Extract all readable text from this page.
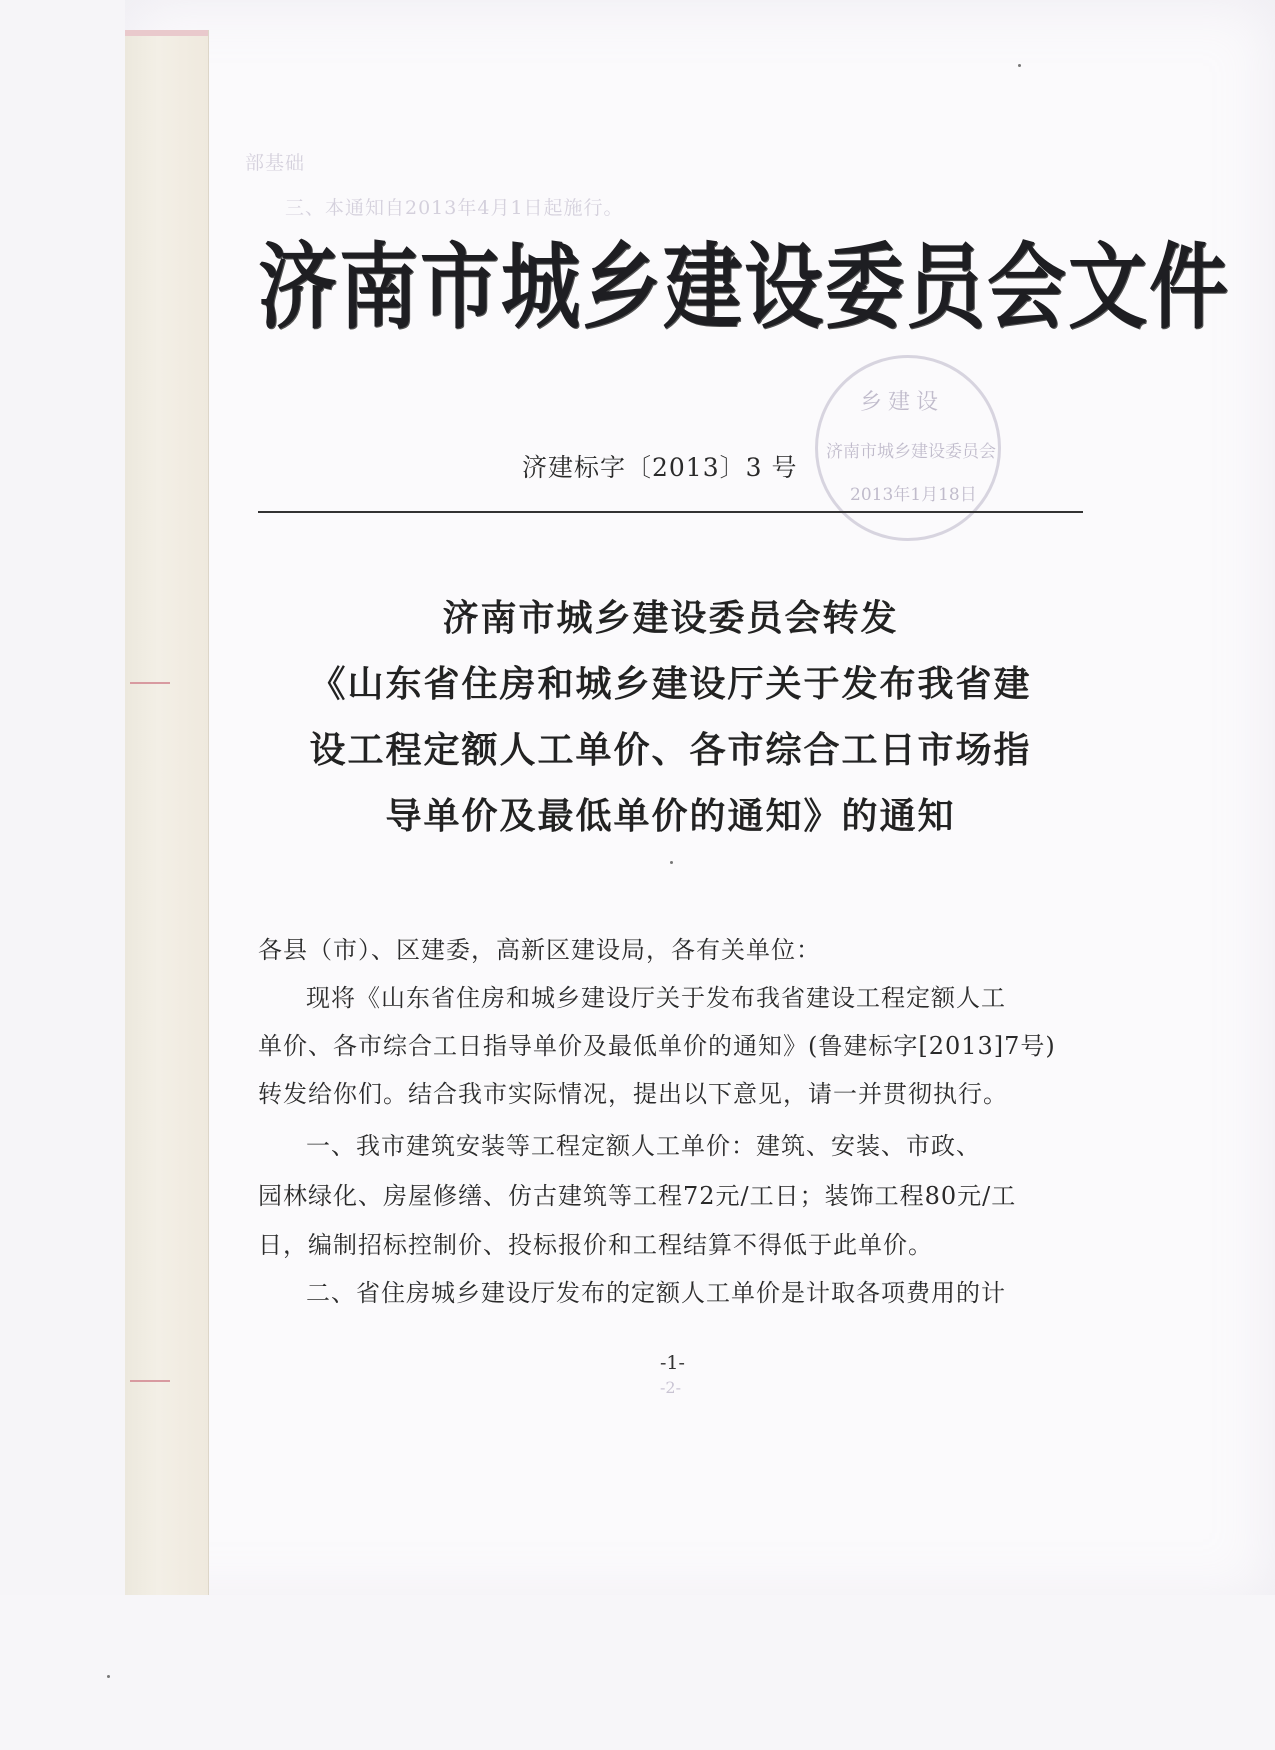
部基础
三、本通知自2013年4月1日起施行。
乡建设
济南市城乡建设委员会
2013年1月18日
济南市城乡建设委员会文件
济建标字〔2013〕3 号
济南市城乡建设委员会转发
《山东省住房和城乡建设厅关于发布我省建
设工程定额人工单价、各市综合工日市场指
导单价及最低单价的通知》的通知
各县（市）、区建委，高新区建设局，各有关单位：
现将《山东省住房和城乡建设厅关于发布我省建设工程定额人工
单价、各市综合工日指导单价及最低单价的通知》(鲁建标字[2013]7号)
转发给你们。结合我市实际情况，提出以下意见，请一并贯彻执行。
一、我市建筑安装等工程定额人工单价：建筑、安装、市政、
园林绿化、房屋修缮、仿古建筑等工程72元/工日；装饰工程80元/工
日，编制招标控制价、投标报价和工程结算不得低于此单价。
二、省住房城乡建设厅发布的定额人工单价是计取各项费用的计
-1-
-2-
